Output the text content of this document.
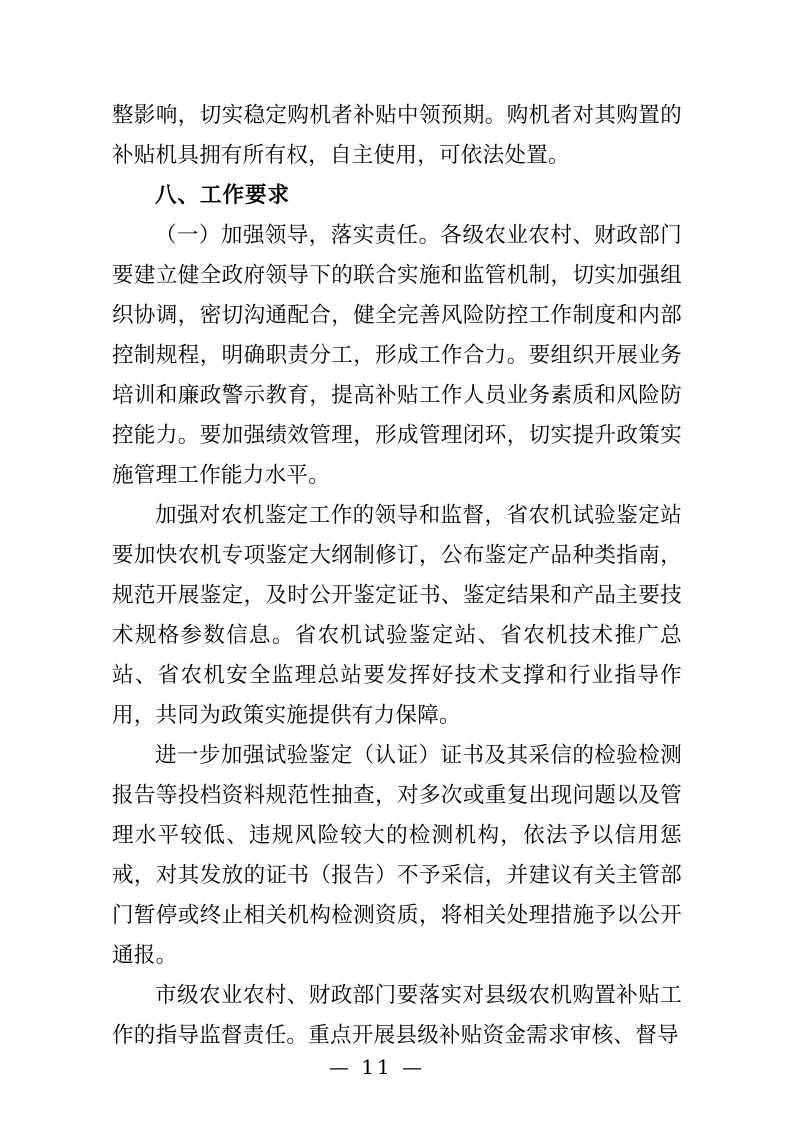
整影响，切实稳定购机者补贴中领预期。购机者对其购置的补贴机具拥有所有权，自主使用，可依法处置。

八、工作要求

（一）加强领导，落实责任。各级农业农村、财政部门要建立健全政府领导下的联合实施和监管机制，切实加强组织协调，密切沟通配合，健全完善风险防控工作制度和内部控制规程，明确职责分工，形成工作合力。要组织开展业务培训和廉政警示教育，提高补贴工作人员业务素质和风险防控能力。要加强绩效管理，形成管理闭环，切实提升政策实施管理工作能力水平。

加强对农机鉴定工作的领导和监督，省农机试验鉴定站要加快农机专项鉴定大纲制修订，公布鉴定产品种类指南，规范开展鉴定，及时公开鉴定证书、鉴定结果和产品主要技术规格参数信息。省农机试验鉴定站、省农机技术推广总站、省农机安全监理总站要发挥好技术支撑和行业指导作用，共同为政策实施提供有力保障。

进一步加强试验鉴定（认证）证书及其采信的检验检测报告等投档资料规范性抽查，对多次或重复出现问题以及管理水平较低、违规风险较大的检测机构，依法予以信用惩戒，对其发放的证书（报告）不予采信，并建议有关主管部门暂停或终止相关机构检测资质，将相关处理措施予以公开通报。

市级农业农村、财政部门要落实对县级农机购置补贴工作的指导监督责任。重点开展县级补贴资金需求审核、督导

— 11 —
